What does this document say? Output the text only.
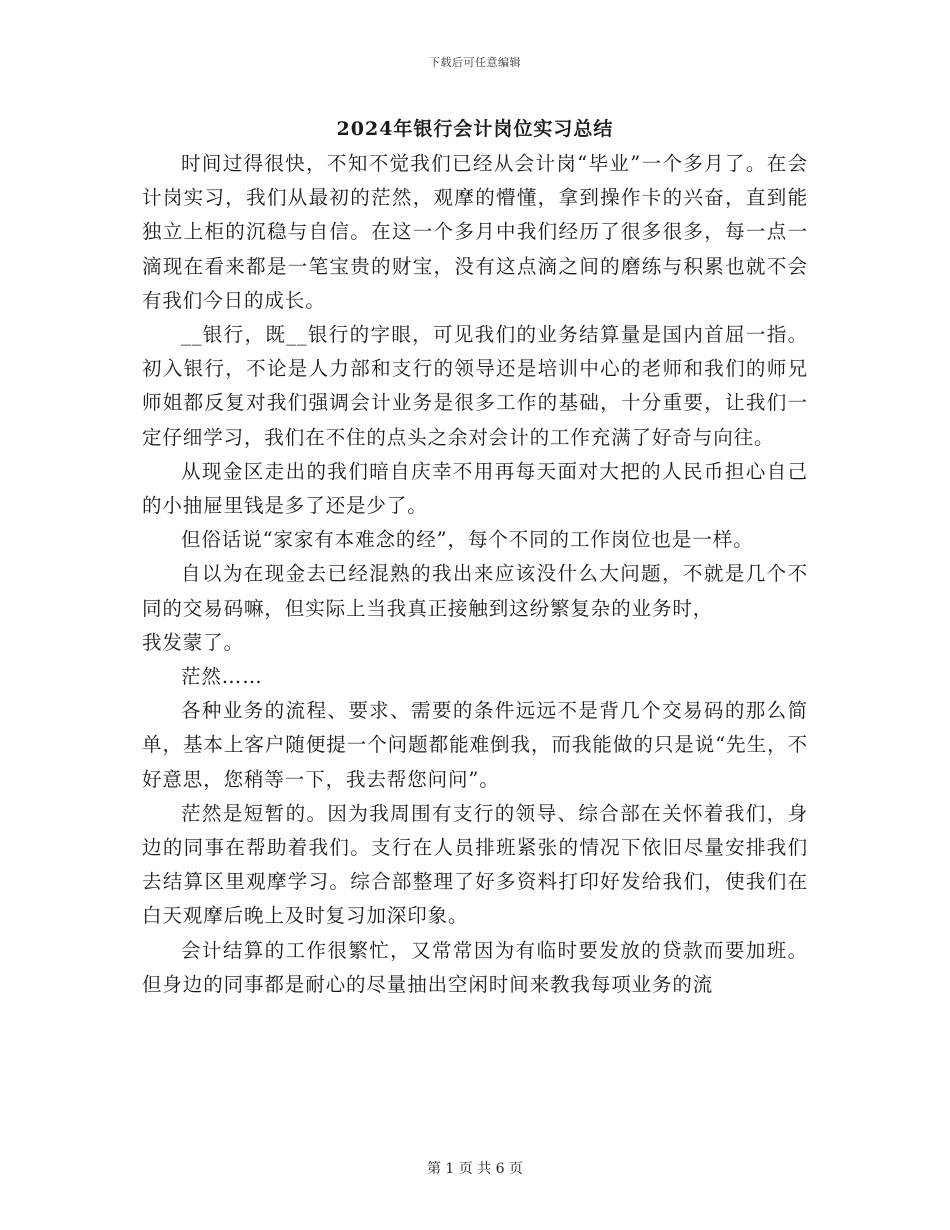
下载后可任意编辑
2024年银行会计岗位实习总结

时间过得很快，不知不觉我们已经从会计岗“毕业”一个多月了。在会计岗实习，我们从最初的茫然，观摩的懵懂，拿到操作卡的兴奋，直到能独立上柜的沉稳与自信。在这一个多月中我们经历了很多很多，每一点一滴现在看来都是一笔宝贵的财宝，没有这点滴之间的磨练与积累也就不会有我们今日的成长。

__银行，既__银行的字眼，可见我们的业务结算量是国内首屈一指。初入银行，不论是人力部和支行的领导还是培训中心的老师和我们的师兄师姐都反复对我们强调会计业务是很多工作的基础，十分重要，让我们一定仔细学习，我们在不住的点头之余对会计的工作充满了好奇与向往。

从现金区走出的我们暗自庆幸不用再每天面对大把的人民币担心自己的小抽屉里钱是多了还是少了。

但俗话说“家家有本难念的经”，每个不同的工作岗位也是一样。

自以为在现金去已经混熟的我出来应该没什么大问题，不就是几个不同的交易码嘛，但实际上当我真正接触到这纷繁复杂的业务时，

我发蒙了。

茫然……

各种业务的流程、要求、需要的条件远远不是背几个交易码的那么简单，基本上客户随便提一个问题都能难倒我，而我能做的只是说“先生，不好意思，您稍等一下，我去帮您问问”。

茫然是短暂的。因为我周围有支行的领导、综合部在关怀着我们，身边的同事在帮助着我们。支行在人员排班紧张的情况下依旧尽量安排我们去结算区里观摩学习。综合部整理了好多资料打印好发给我们，使我们在白天观摩后晚上及时复习加深印象。

会计结算的工作很繁忙，又常常因为有临时要发放的贷款而要加班。但身边的同事都是耐心的尽量抽出空闲时间来教我每项业务的流

第 1 页 共 6 页
